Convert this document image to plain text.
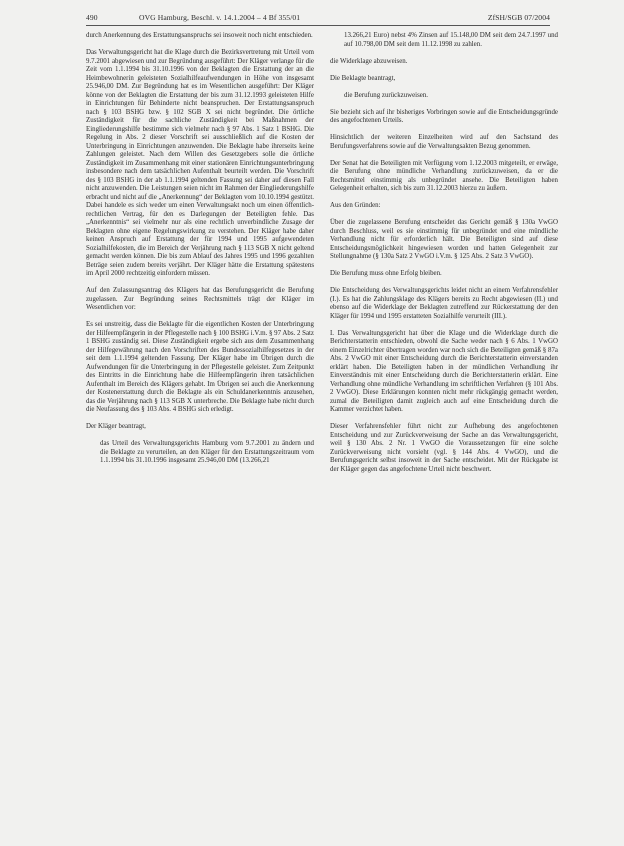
490	OVG Hamburg, Beschl. v. 14.1.2004 – 4 Bf 355/01	ZfSH/SGB 07/2004

durch Anerkennung des Erstattungsanspruchs sei insoweit noch nicht entschieden.

Das Verwaltungsgericht hat die Klage durch die Bezirksvertretung mit Urteil vom 9.7.2001 abgewiesen und zur Begründung ausgeführt: Der Kläger verlange für die Zeit vom 1.1.1994 bis 31.10.1996 von der Beklagten die Erstattung der an die Heimbewohnerin geleisteten Sozialhilfeaufwendungen in Höhe von insgesamt 25.946,00 DM. Zur Begründung hat es im Wesentlichen ausgeführt: Der Kläger könne von der Beklagten die Erstattung der bis zum 31.12.1993 geleisteten Hilfe in Einrichtungen für Behinderte nicht beanspruchen. Der Erstattungsanspruch nach § 103 BSHG bzw. § 102 SGB X sei nicht begründet. Die örtliche Zuständigkeit für die sachliche Zuständigkeit bei Maßnahmen der Eingliederungshilfe bestimme sich vielmehr nach § 97 Abs. 1 Satz 1 BSHG. Die Regelung in Abs. 2 dieser Vorschrift sei ausschließlich auf die Kosten der Unterbringung in Einrichtungen anzuwenden. Die Beklagte habe ihrerseits keine Zahlungen geleistet. Nach dem Willen des Gesetzgebers solle die örtliche Zuständigkeit im Zusammenhang mit einer stationären Einrichtungsunterbringung insbesondere nach dem tatsächlichen Aufenthalt beurteilt werden. Die Vorschrift des § 103 BSHG in der ab 1.1.1994 geltenden Fassung sei daher auf diesen Fall nicht anzuwenden. Die Leistungen seien nicht im Rahmen der Eingliederungshilfe erbracht und nicht auf die „Anerkennung“ der Beklagten vom 10.10.1994 gestützt. Dabei handele es sich weder um einen Verwaltungsakt noch um einen öffentlich-rechtlichen Vertrag, für den es Darlegungen der Beteiligten fehle. Das „Anerkenntnis“ sei vielmehr nur als eine rechtlich unverbindliche Zusage der Beklagten ohne eigene Regelungswirkung zu verstehen. Der Kläger habe daher keinen Anspruch auf Erstattung der für 1994 und 1995 aufgewendeten Sozialhilfekosten, die im Bereich der Verjährung nach § 113 SGB X nicht geltend gemacht werden können. Die bis zum Ablauf des Jahres 1995 und 1996 gezahlten Beträge seien zudem bereits verjährt. Der Kläger hätte die Erstattung spätestens im April 2000 rechtzeitig einfordern müssen.

Auf den Zulassungsantrag des Klägers hat das Berufungsgericht die Berufung zugelassen. Zur Begründung seines Rechtsmittels trägt der Kläger im Wesentlichen vor:

Es sei unstreitig, dass die Beklagte für die eigentlichen Kosten der Unterbringung der Hilfeempfängerin in der Pflegestelle nach § 100 BSHG i.V.m. § 97 Abs. 2 Satz 1 BSHG zuständig sei. Diese Zuständigkeit ergebe sich aus dem Zusammenhang der Hilfegewährung nach den Vorschriften des Bundessozialhilfegesetzes in der seit dem 1.1.1994 geltenden Fassung. Der Kläger habe im Übrigen durch die Aufwendungen für die Unterbringung in der Pflegestelle geleistet. Zum Zeitpunkt des Eintritts in die Einrichtung habe die Hilfeempfängerin ihren tatsächlichen Aufenthalt im Bereich des Klägers gehabt. Im Übrigen sei auch die Anerkennung der Kostenerstattung durch die Beklagte als ein Schuldanerkenntnis anzusehen, das die Verjährung nach § 113 SGB X unterbreche. Die Beklagte habe nicht durch die Neufassung des § 103 Abs. 4 BSHG sich erledigt.

Der Kläger beantragt,

das Urteil des Verwaltungsgerichts Hamburg vom 9.7.2001 zu ändern und die Beklagte zu verurteilen, an den Kläger für den Erstattungszeitraum vom 1.1.1994 bis 31.10.1996 insgesamt 25.946,00 DM (13.266,21

13.266,21 Euro) nebst 4% Zinsen auf 15.148,00 DM seit dem 24.7.1997 und auf 10.798,00 DM seit dem 11.12.1998 zu zahlen.

die Widerklage abzuweisen.

Die Beklagte beantragt,

die Berufung zurückzuweisen.

Sie bezieht sich auf ihr bisheriges Vorbringen sowie auf die Entscheidungsgründe des angefochtenen Urteils.

Hinsichtlich der weiteren Einzelheiten wird auf den Sachstand des Berufungsverfahrens sowie auf die Verwaltungsakten Bezug genommen.

Der Senat hat die Beteiligten mit Verfügung vom 1.12.2003 mitgeteilt, er erwäge, die Berufung ohne mündliche Verhandlung zurückzuweisen, da er die Rechtsmittel einstimmig als unbegründet ansehe. Die Beteiligten haben Gelegenheit erhalten, sich bis zum 31.12.2003 hierzu zu äußern.

Aus den Gründen:

Über die zugelassene Berufung entscheidet das Gericht gemäß § 130a VwGO durch Beschluss, weil es sie einstimmig für unbegründet und eine mündliche Verhandlung nicht für erforderlich hält. Die Beteiligten sind auf diese Entscheidungsmöglichkeit hingewiesen worden und hatten Gelegenheit zur Stellungnahme (§ 130a Satz 2 VwGO i.V.m. § 125 Abs. 2 Satz 3 VwGO).

Die Berufung muss ohne Erfolg bleiben.

Die Entscheidung des Verwaltungsgerichts leidet nicht an einem Verfahrensfehler (I.). Es hat die Zahlungsklage des Klägers bereits zu Recht abgewiesen (II.) und ebenso auf die Widerklage der Beklagten zutreffend zur Rückerstattung der den Kläger für 1994 und 1995 erstatteten Sozialhilfe verurteilt (III.).

I. Das Verwaltungsgericht hat über die Klage und die Widerklage durch die Berichterstatterin entschieden, obwohl die Sache weder nach § 6 Abs. 1 VwGO einem Einzelrichter übertragen worden war noch sich die Beteiligten gemäß § 87a Abs. 2 VwGO mit einer Entscheidung durch die Berichterstatterin einverstanden erklärt haben. Die Beteiligten haben in der mündlichen Verhandlung ihr Einverständnis mit einer Entscheidung durch die Berichterstatterin erklärt. Eine Verhandlung ohne mündliche Verhandlung im schriftlichen Verfahren (§ 101 Abs. 2 VwGO). Diese Erklärungen konnten nicht mehr rückgängig gemacht werden, zumal die Beteiligten damit zugleich auch auf eine Entscheidung durch die Kammer verzichtet haben.

Dieser Verfahrensfehler führt nicht zur Aufhebung des angefochtenen Entscheidung und zur Zurückverweisung der Sache an das Verwaltungsgericht, weil § 130 Abs. 2 Nr. 1 VwGO die Voraussetzungen für eine solche Zurückverweisung nicht vorsieht (vgl. § 144 Abs. 4 VwGO), und die Berufungsgericht selbst insoweit in der Sache entscheidet. Mit der Rückgabe ist der Kläger gegen das angefochtene Urteil nicht beschwert.
